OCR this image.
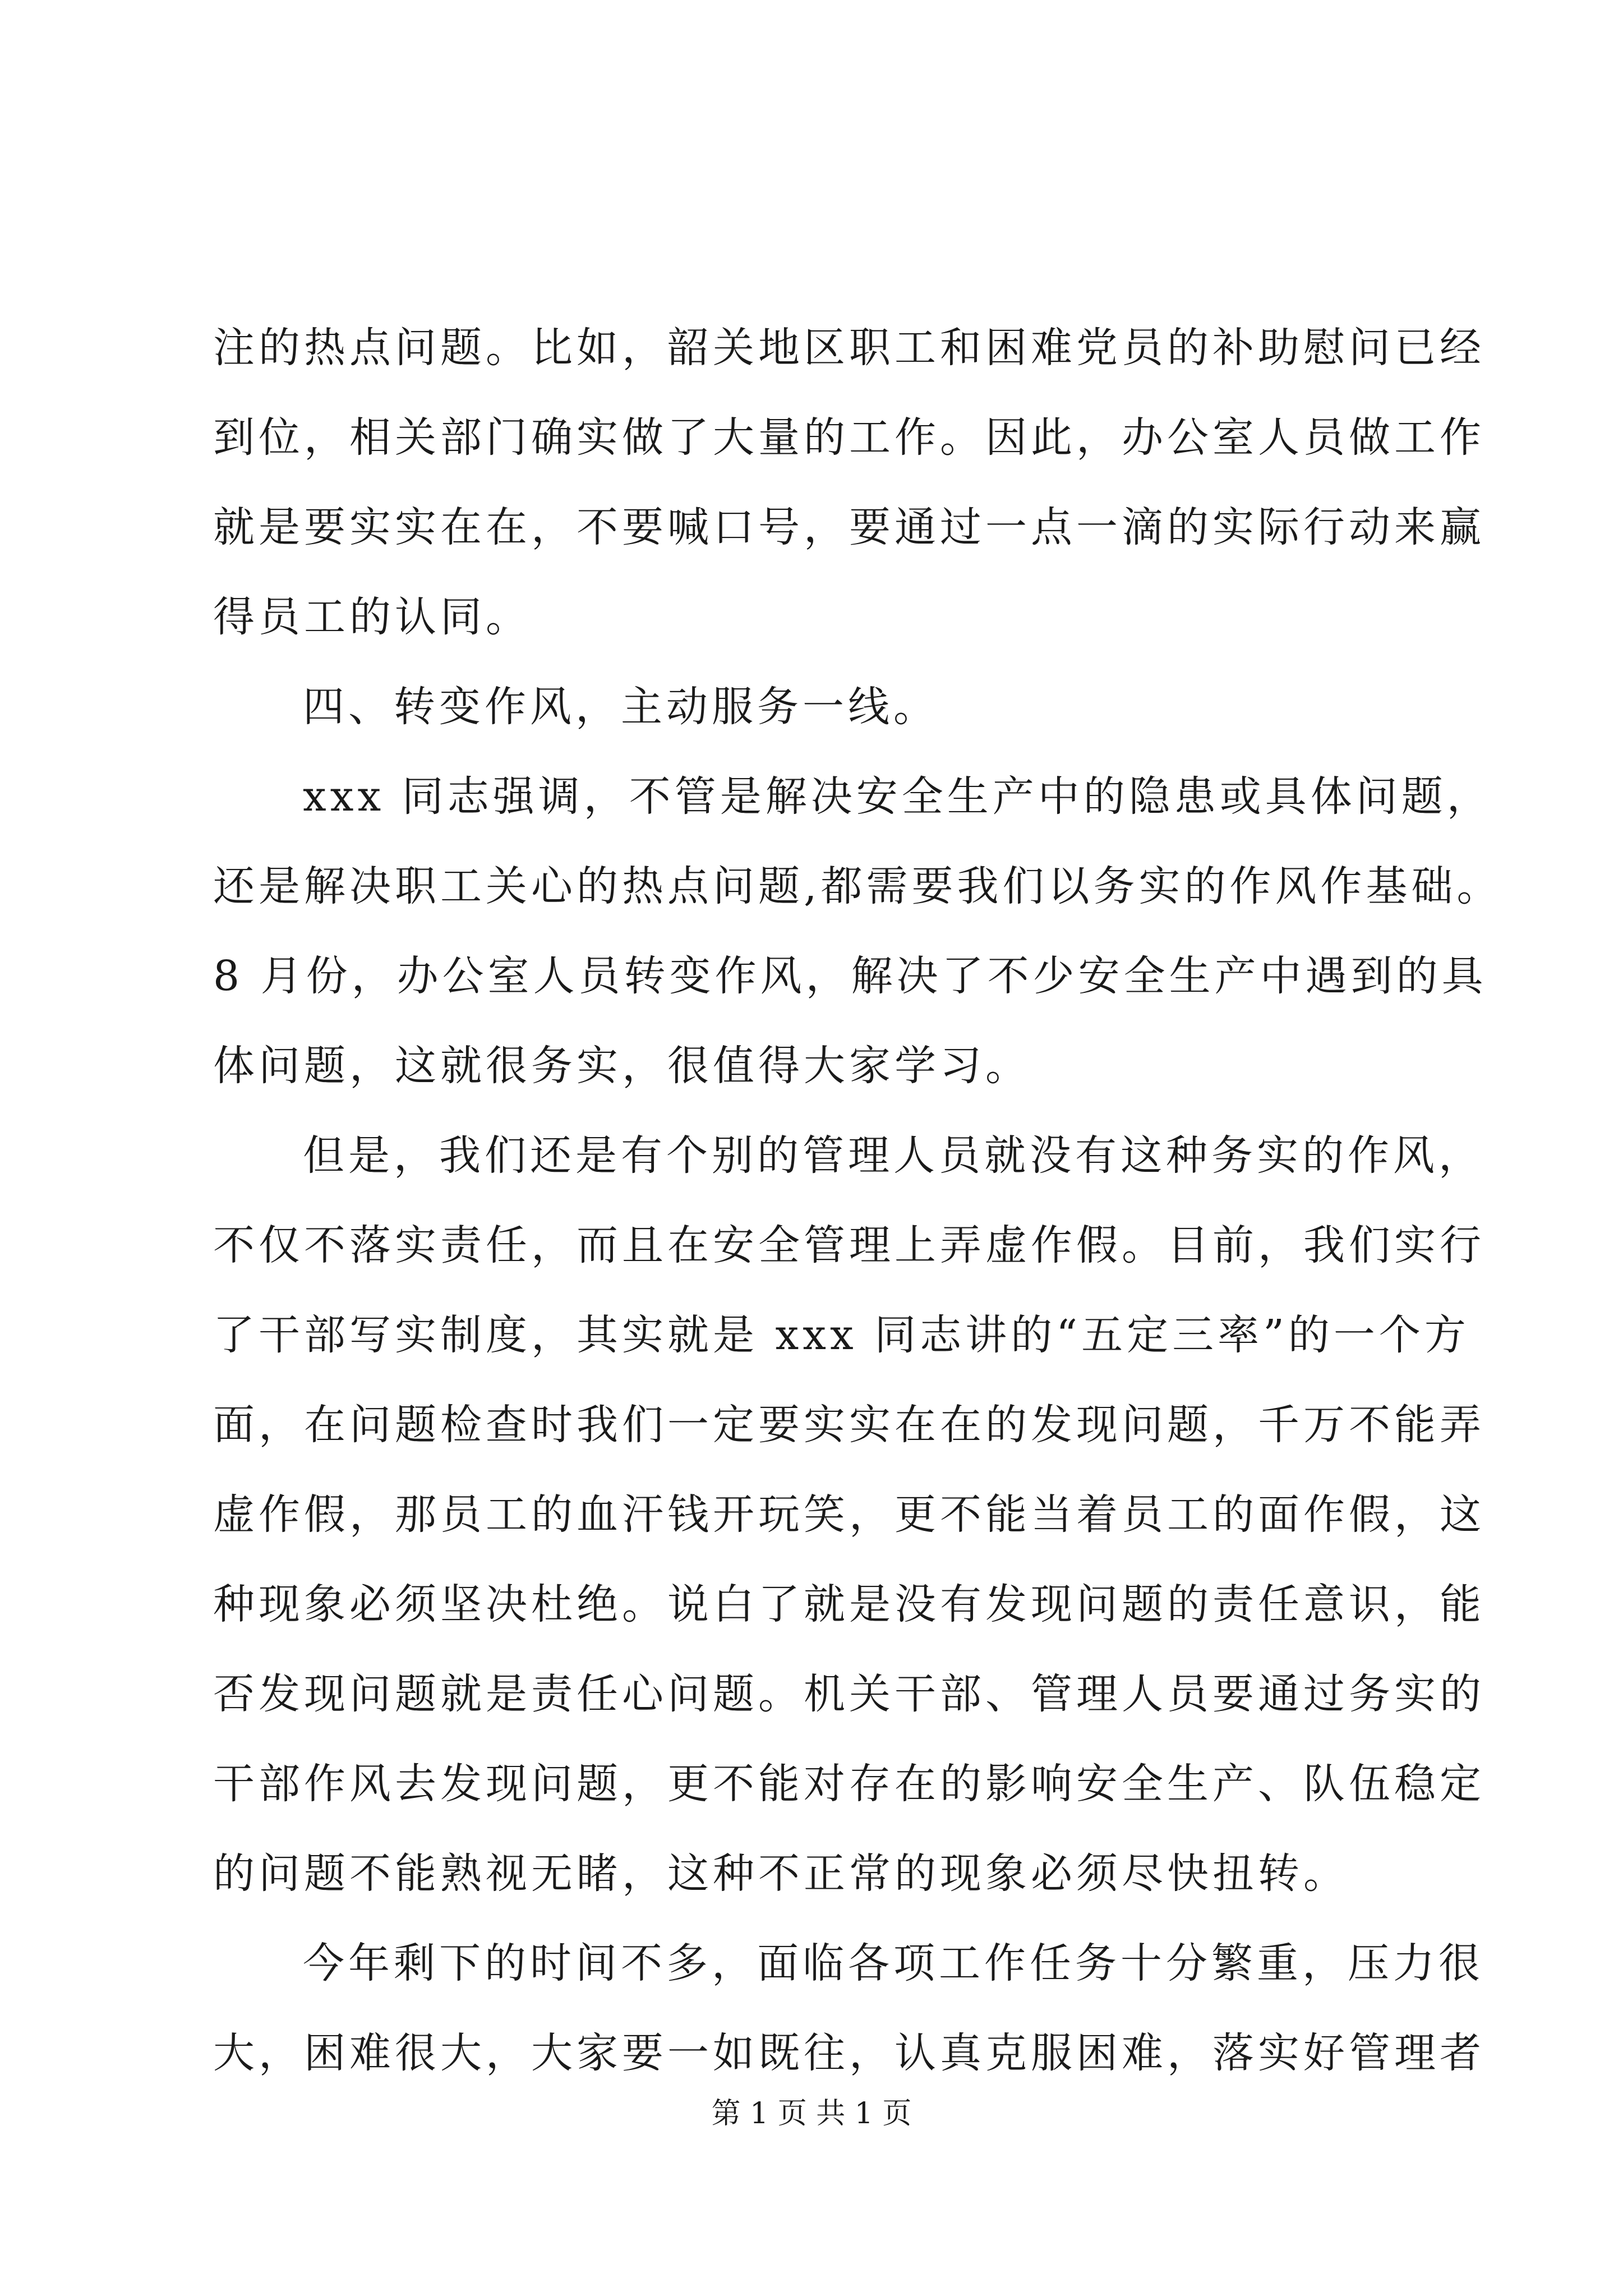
注的热点问题。比如，韶关地区职工和困难党员的补助慰问已经
到位，相关部门确实做了大量的工作。因此，办公室人员做工作
就是要实实在在，不要喊口号，要通过一点一滴的实际行动来赢
得员工的认同。
四、转变作风，主动服务一线。
xxx 同志强调，不管是解决安全生产中的隐患或具体问题，
还是解决职工关心的热点问题,都需要我们以务实的作风作基础。
8 月份，办公室人员转变作风，解决了不少安全生产中遇到的具
体问题，这就很务实，很值得大家学习。
但是，我们还是有个别的管理人员就没有这种务实的作风，
不仅不落实责任，而且在安全管理上弄虚作假。目前，我们实行
了干部写实制度，其实就是 xxx 同志讲的“五定三率”的一个方
面，在问题检查时我们一定要实实在在的发现问题，千万不能弄
虚作假，那员工的血汗钱开玩笑，更不能当着员工的面作假，这
种现象必须坚决杜绝。说白了就是没有发现问题的责任意识，能
否发现问题就是责任心问题。机关干部、管理人员要通过务实的
干部作风去发现问题，更不能对存在的影响安全生产、队伍稳定
的问题不能熟视无睹，这种不正常的现象必须尽快扭转。
今年剩下的时间不多，面临各项工作任务十分繁重，压力很
大，困难很大，大家要一如既往，认真克服困难，落实好管理者
第 1 页 共 1 页
